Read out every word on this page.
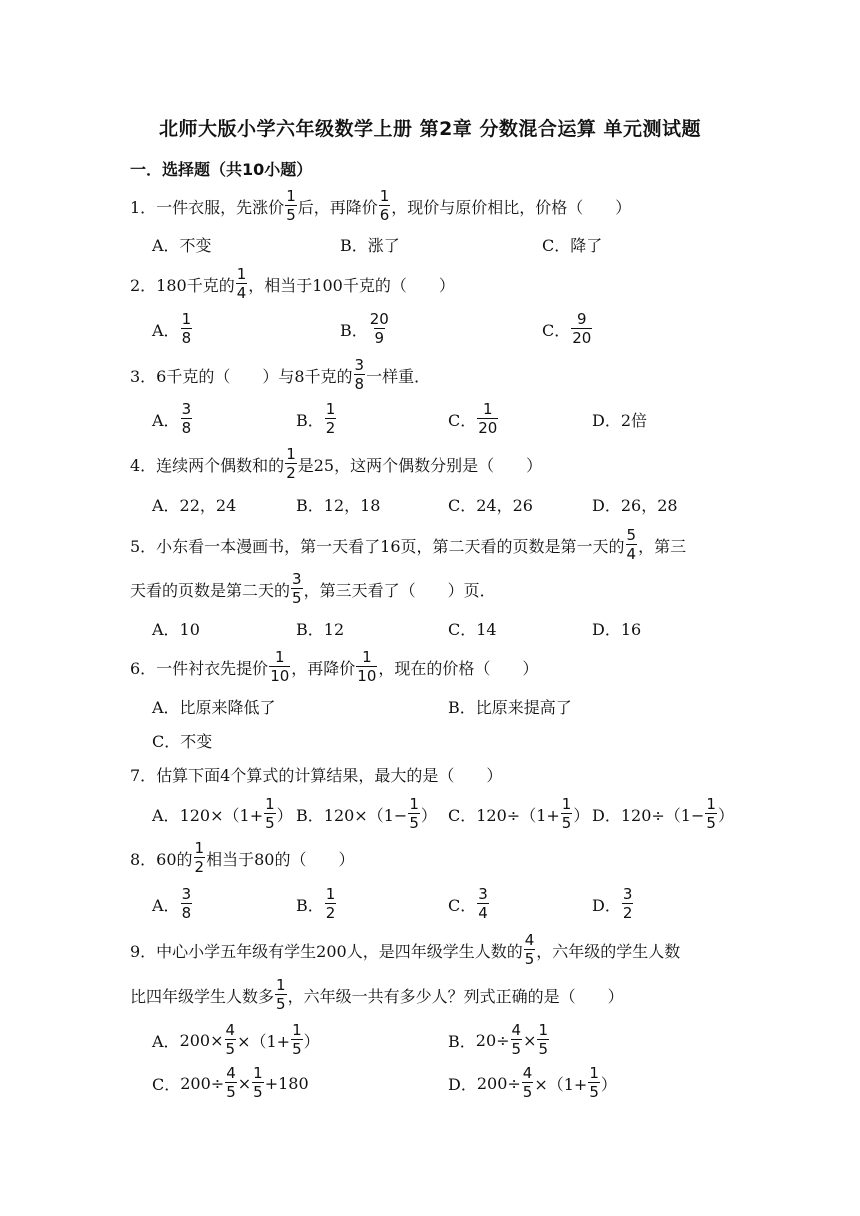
北师大版小学六年级数学上册 第2章 分数混合运算 单元测试题
一．选择题（共10小题）
1．一件衣服，先涨价 $\frac{1}{5}$ 后，再降价 $\frac{1}{6}$ ，现价与原价相比，价格（　　）
A．不变	B．涨了	C．降了
2．180千克的 $\frac{1}{4}$ ，相当于100千克的（　　）
A． $\frac{1}{8}$	B． $\frac{20}{9}$	C． $\frac{9}{20}$
3．6千克的（　　）与8千克的 $\frac{3}{8}$ 一样重．
A． $\frac{3}{8}$	B． $\frac{1}{2}$	C． $\frac{1}{20}$	D．2倍
4．连续两个偶数和的 $\frac{1}{2}$ 是25，这两个偶数分别是（　　）
A．22，24	B．12，18	C．24，26	D．26，28
5．小东看一本漫画书，第一天看了16页，第二天看的页数是第一天的 $\frac{5}{4}$ ，第三
天看的页数是第二天的 $\frac{3}{5}$ ，第三天看了（　　）页．
A．10	B．12	C．14	D．16
6．一件衬衣先提价 $\frac{1}{10}$ ，再降价 $\frac{1}{10}$ ，现在的价格（　　）
A．比原来降低了	B．比原来提高了
C．不变
7．估算下面4个算式的计算结果，最大的是（　　）
A． $120\times(1+ \frac{1}{5}$ ） B． $120\times(1- \frac{1}{5}$ ） C． $120\div(1+ \frac{1}{5}$ ） D． $120\div(1- \frac{1}{5}$ ）
8．60的 $\frac{1}{2}$ 相当于80的（　　）
A． $\frac{3}{8}$	B． $\frac{1}{2}$	C． $\frac{3}{4}$	D． $\frac{3}{2}$
9．中心小学五年级有学生200人，是四年级学生人数的 $\frac{4}{5}$ ，六年级的学生人数
比四年级学生人数多 $\frac{1}{5}$ ，六年级一共有多少人？列式正确的是（　　）
A． $200\times \frac{4}{5} \times(1+ \frac{1}{5}$ ）	B． $20\div \frac{4}{5} \times \frac{1}{5}$
C． $200\div \frac{4}{5} \times \frac{1}{5} +180$	D． $200\div \frac{4}{5} \times(1+ \frac{1}{5}$ ）
